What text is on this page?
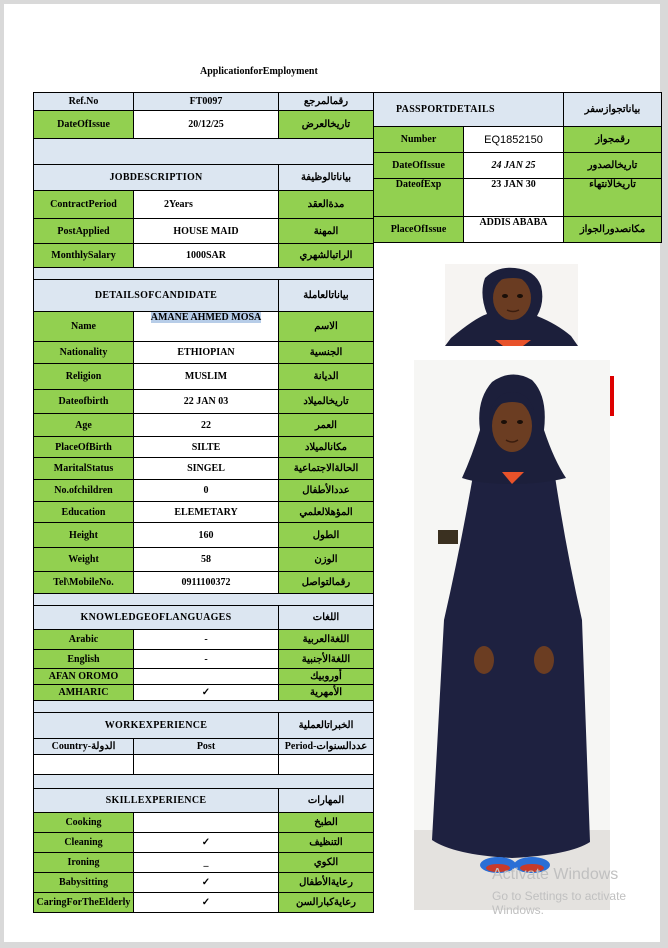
ApplicationforEmployment
Ref.No	FT0097	رقمالمرجع
DateOfIssue	20/12/25	تاريخالعرض

JOBDESCRIPTION		بياناتالوظيفة
ContractPeriod	2Years	مدةالعقد
PostApplied	HOUSE MAID	المهنة
MonthlySalary	1000SAR	الراتبالشهري

DETAILSOFCANDIDATE		بياناتالعاملة
Name	AMANE AHMED MOSA	الاسم
Nationality	ETHIOPIAN	الجنسية
Religion	MUSLIM	الديانة
Dateofbirth	22 JAN 03	تاريخالميلاد
Age	22	العمر
PlaceOfBirth	SILTE	مكانالميلاد
MaritalStatus	SINGEL	الحالةالاجتماعية
No.ofchildren	0	عددالأطفال
Education	ELEMETARY	المؤهلالعلمي
Height	160	الطول
Weight	58	الوزن
Tel\MobileNo.	0911100372	رقمالتواصل

KNOWLEDGEOFLANGUAGES		اللغات
Arabic	-	اللغةالعربية
English	-	اللغةالأجنبية
AFAN OROMO		أوروبيك
AMHARIC	✓	الأمهرية

WORKEXPERIENCE		الخبراتالعملية
Country-الدولة	Post	Period-عددالسنوات

SKILLEXPERIENCE		المهارات
Cooking		الطبخ
Cleaning	✓	التنظيف
Ironing	_	الكوي
Babysitting	✓	رعايةالأطفال
CaringForTheElderly	✓	رعايةكبارالسن
PASSPORTDETAILS		بياناتجوازسفر
Number	EQ1852150	رقمجواز
DateOfIssue	24 JAN 25	تاريخالصدور
DateofExp	23 JAN 30	تاريخالانتهاء
PlaceOfIssue	ADDIS ABABA	مكانصدورالجواز
Activate Windows
Go to Settings to activate Windows.
